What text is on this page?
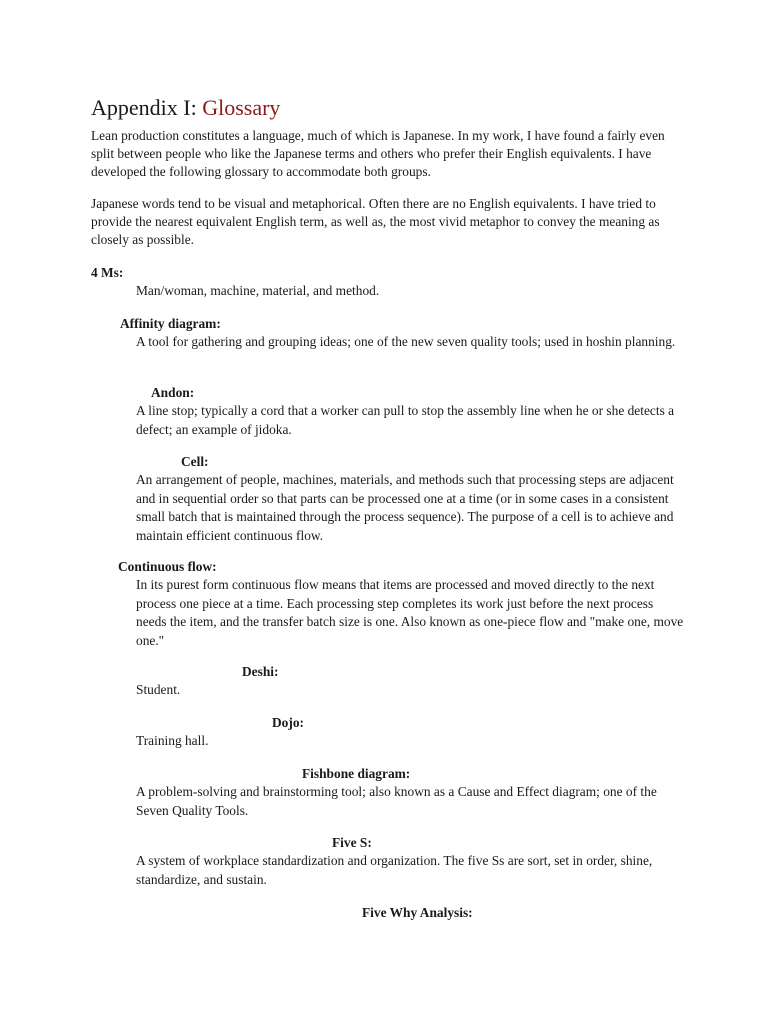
Appendix I: Glossary

Lean production constitutes a language, much of which is Japanese. In my work, I have found a fairly even split between people who like the Japanese terms and others who prefer their English equivalents. I have developed the following glossary to accommodate both groups.

Japanese words tend to be visual and metaphorical. Often there are no English equivalents. I have tried to provide the nearest equivalent English term, as well as, the most vivid metaphor to convey the meaning as closely as possible.

4 Ms:
Man/woman, machine, material, and method.
Affinity diagram:
A tool for gathering and grouping ideas; one of the new seven quality tools; used in hoshin planning.
Andon:
A line stop; typically a cord that a worker can pull to stop the assembly line when he or she detects a defect; an example of jidoka.
Cell:
An arrangement of people, machines, materials, and methods such that processing steps are adjacent and in sequential order so that parts can be processed one at a time (or in some cases in a consistent small batch that is maintained through the process sequence). The purpose of a cell is to achieve and maintain efficient continuous flow.
Continuous flow:
In its purest form continuous flow means that items are processed and moved directly to the next process one piece at a time. Each processing step completes its work just before the next process needs the item, and the transfer batch size is one. Also known as one-piece flow and "make one, move one."
Deshi:
Student.
Dojo:
Training hall.
Fishbone diagram:
A problem-solving and brainstorming tool; also known as a Cause and Effect diagram; one of the Seven Quality Tools.
Five S:
A system of workplace standardization and organization. The five Ss are sort, set in order, shine, standardize, and sustain.
Five Why Analysis:
